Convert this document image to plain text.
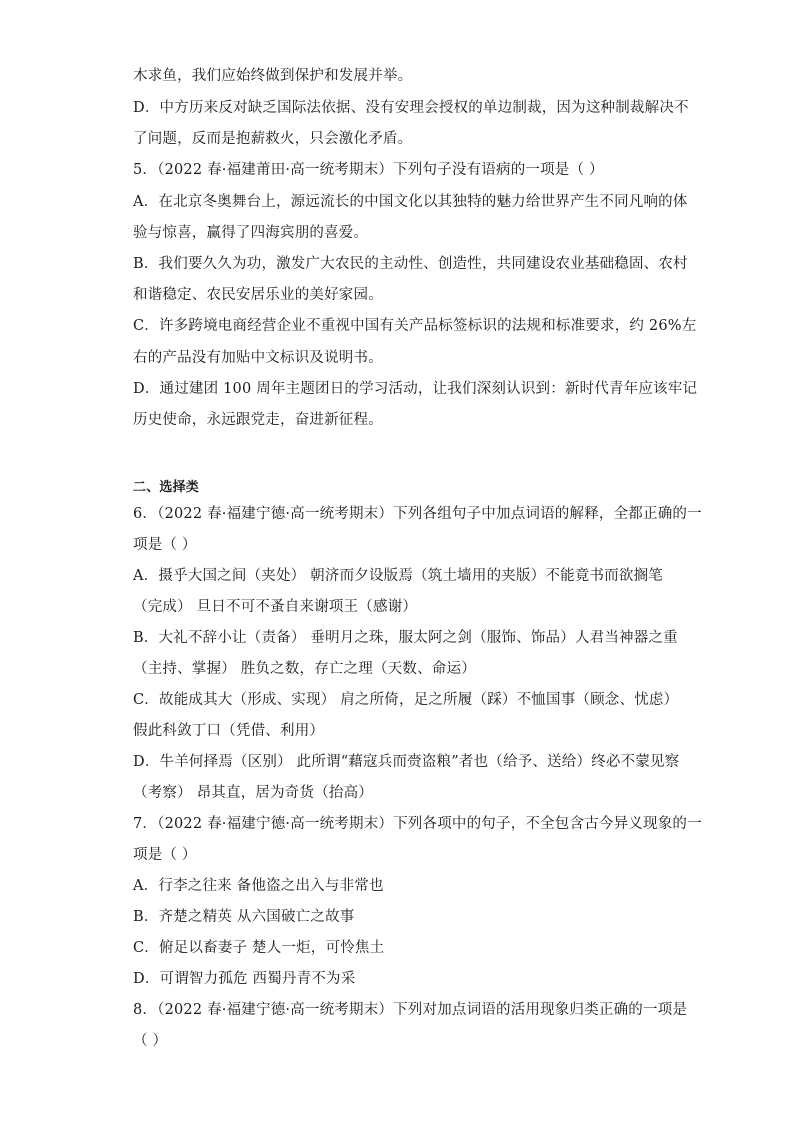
木求鱼，我们应始终做到保护和发展并举。

D．中方历来反对缺乏国际法依据、没有安理会授权的单边制裁，因为这种制裁解决不

了问题，反而是抱薪救火，只会激化矛盾。

5．（2022 春·福建莆田·高一统考期末）下列句子没有语病的一项是（ ）

A．在北京冬奥舞台上，源远流长的中国文化以其独特的魅力给世界产生不同凡响的体

验与惊喜，赢得了四海宾朋的喜爱。

B．我们要久久为功，激发广大农民的主动性、创造性，共同建设农业基础稳固、农村

和谐稳定、农民安居乐业的美好家园。

C．许多跨境电商经营企业不重视中国有关产品标签标识的法规和标准要求，约 26%左

右的产品没有加贴中文标识及说明书。

D．通过建团 100 周年主题团日的学习活动，让我们深刻认识到：新时代青年应该牢记

历史使命，永远跟党走，奋进新征程。

二、选择类

6．（2022 春·福建宁德·高一统考期末）下列各组句子中加点词语的解释，全都正确的一

项是（ ）

A．摄乎大国之间（夹处） 朝济而夕设版焉（筑土墙用的夹版）不能竟书而欲搁笔

（完成） 旦日不可不蚤自来谢项王（感谢）

B．大礼不辞小让（责备） 垂明月之珠，服太阿之剑（服饰、饰品）人君当神器之重

（主持、掌握） 胜负之数，存亡之理（天数、命运）

C．故能成其大（形成、实现） 肩之所倚，足之所履（踩）不恤国事（顾念、忧虑）

假此科敛丁口（凭借、利用）

D．牛羊何择焉（区别） 此所谓“藉寇兵而赍盗粮”者也（给予、送给）终必不蒙见察

（考察） 昂其直，居为奇货（抬高）

7．（2022 春·福建宁德·高一统考期末）下列各项中的句子，不全包含古今异义现象的一

项是（ ）

A．行李之往来 备他盗之出入与非常也

B．齐楚之精英 从六国破亡之故事

C．俯足以畜妻子 楚人一炬，可怜焦土

D．可谓智力孤危 西蜀丹青不为采

8．（2022 春·福建宁德·高一统考期末）下列对加点词语的活用现象归类正确的一项是

（ ）
